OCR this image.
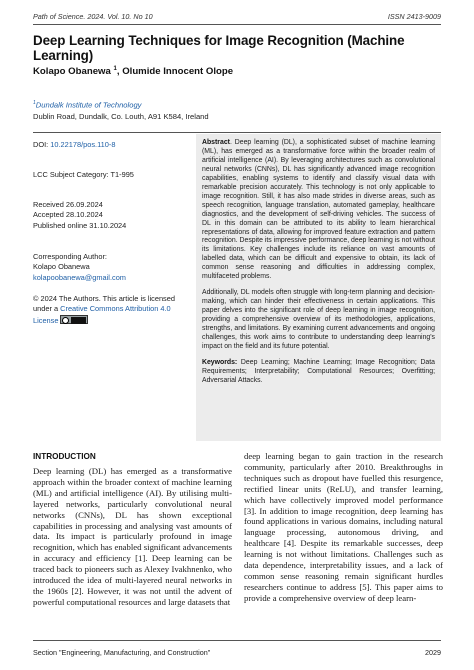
Path of Science. 2024. Vol. 10. No 10	ISSN 2413-9009
Deep Learning Techniques for Image Recognition (Machine Learning)
Kolapo Obanewa $^1$, Olumide Innocent Olope
$^1$Dundalk Institute of Technology
Dublin Road, Dundalk, Co. Louth, A91 K584, Ireland
DOI: 10.22178/pos.110-8
LCC Subject Category: T1-995
Received 26.09.2024
Accepted 28.10.2024
Published online 31.10.2024
Corresponding Author:
Kolapo Obanewa
kolapoobanewa@gmail.com
© 2024 The Authors. This article is licensed
under a Creative Commons Attribution 4.0 License

Abstract. Deep learning (DL), a sophisticated subset of machine learning (ML), has emerged as a transformative force within the broader realm of artificial intelligence (AI). By leveraging architectures such as convolutional neural networks (CNNs), DL has significantly advanced image recognition capabilities, enabling systems to identify and classify visual data with remarkable precision accurately. This technology is not only applicable to image recognition. Still, it has also made strides in diverse areas, such as speech recognition, language translation, automated gameplay, healthcare diagnostics, and the development of self-driving vehicles. The success of DL in this domain can be attributed to its ability to learn hierarchical representations of data, allowing for improved feature extraction and pattern recognition. Despite its impressive performance, deep learning is not without its limitations. Key challenges include its reliance on vast amounts of labelled data, which can be difficult and expensive to obtain, its lack of common sense reasoning and difficulties in addressing complex, multifaceted problems.

Additionally, DL models often struggle with long-term planning and decision-making, which can hinder their effectiveness in certain applications. This paper delves into the significant role of deep learning in image recognition, providing a comprehensive overview of its methodologies, applications, strengths, and limitations. By examining current advancements and ongoing challenges, this work aims to contribute to understanding deep learning's impact on the field and its future potential.

Keywords: Deep Learning; Machine Learning; Image Recognition; Data Requirements; Interpretability; Computational Resources; Overfitting; Adversarial Attacks.

INTRODUCTION

Deep learning (DL) has emerged as a transformative approach within the broader context of machine learning (ML) and artificial intelligence (AI). By utilising multi-layered networks, particularly convolutional neural networks (CNNs), DL has shown exceptional capabilities in processing and analysing vast amounts of data. Its impact is particularly profound in image recognition, which has enabled significant advancements in accuracy and efficiency [1]. Deep learning can be traced back to pioneers such as Alexey Ivakhnenko, who introduced the idea of multi-layered neural networks in the 1960s [2]. However, it was not until the advent of powerful computational resources and large datasets that

deep learning began to gain traction in the research community, particularly after 2010. Breakthroughs in techniques such as dropout have fuelled this resurgence, rectified linear units (ReLU), and transfer learning, which have collectively improved model performance [3]. In addition to image recognition, deep learning has found applications in various domains, including natural language processing, autonomous driving, and healthcare [4]. Despite its remarkable successes, deep learning is not without limitations. Challenges such as data dependence, interpretability issues, and a lack of common sense reasoning remain significant hurdles researchers continue to address [5]. This paper aims to provide a comprehensive overview of deep learn-

Section "Engineering, Manufacturing, and Construction"	2029
